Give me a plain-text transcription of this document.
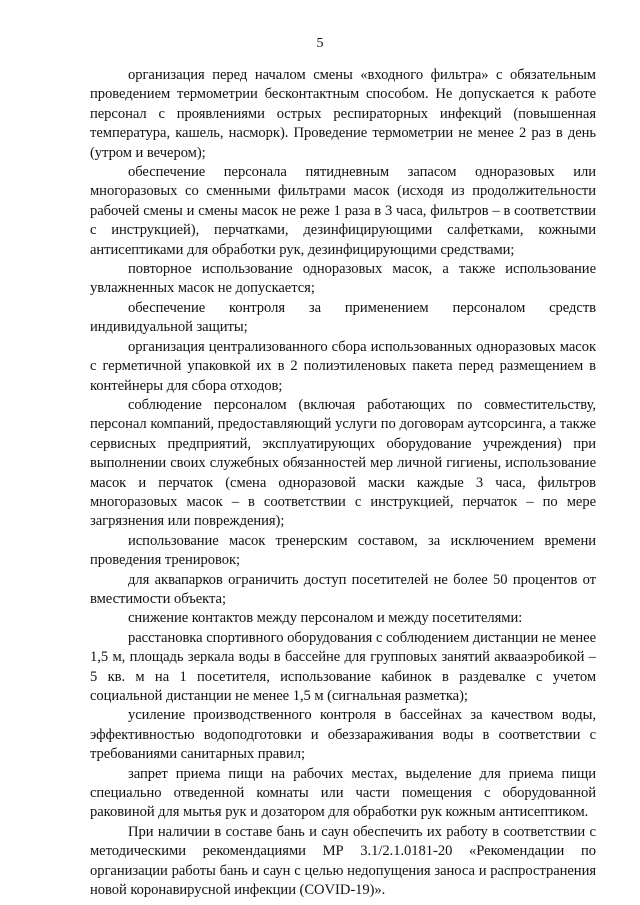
5

организация перед началом смены «входного фильтра» с обязательным проведением термометрии бесконтактным способом. Не допускается к работе персонал с проявлениями острых респираторных инфекций (повышенная температура, кашель, насморк). Проведение термометрии не менее 2 раз в день (утром и вечером);

обеспечение персонала пятидневным запасом одноразовых или многоразовых со сменными фильтрами масок (исходя из продолжительности рабочей смены и смены масок не реже 1 раза в 3 часа, фильтров – в соответствии с инструкцией), перчатками, дезинфицирующими салфетками, кожными антисептиками для обработки рук, дезинфицирующими средствами;

повторное использование одноразовых масок, а также использование увлажненных масок не допускается;

обеспечение контроля за применением персоналом средств индивидуальной защиты;

организация централизованного сбора использованных одноразовых масок с герметичной упаковкой их в 2 полиэтиленовых пакета перед размещением в контейнеры для сбора отходов;

соблюдение персоналом (включая работающих по совместительству, персонал компаний, предоставляющий услуги по договорам аутсорсинга, а также сервисных предприятий, эксплуатирующих оборудование учреждения) при выполнении своих служебных обязанностей мер личной гигиены, использование масок и перчаток (смена одноразовой маски каждые 3 часа, фильтров многоразовых масок – в соответствии с инструкцией, перчаток – по мере загрязнения или повреждения);

использование масок тренерским составом, за исключением времени проведения тренировок;

для аквапарков ограничить доступ посетителей не более 50 процентов от вместимости объекта;

снижение контактов между персоналом и между посетителями:

расстановка спортивного оборудования с соблюдением дистанции не менее 1,5 м, площадь зеркала воды в бассейне для групповых занятий аквааэробикой – 5 кв. м на 1 посетителя, использование кабинок в раздевалке с учетом социальной дистанции не менее 1,5 м (сигнальная разметка);

усиление производственного контроля в бассейнах за качеством воды, эффективностью водоподготовки и обеззараживания воды в соответствии с требованиями санитарных правил;

запрет приема пищи на рабочих местах, выделение для приема пищи специально отведенной комнаты или части помещения с оборудованной раковиной для мытья рук и дозатором для обработки рук кожным антисептиком.

При наличии в составе бань и саун обеспечить их работу в соответствии с методическими рекомендациями МР 3.1/2.1.0181-20 «Рекомендации по организации работы бань и саун с целью недопущения заноса и распространения новой коронавирусной инфекции (COVID-19)».
